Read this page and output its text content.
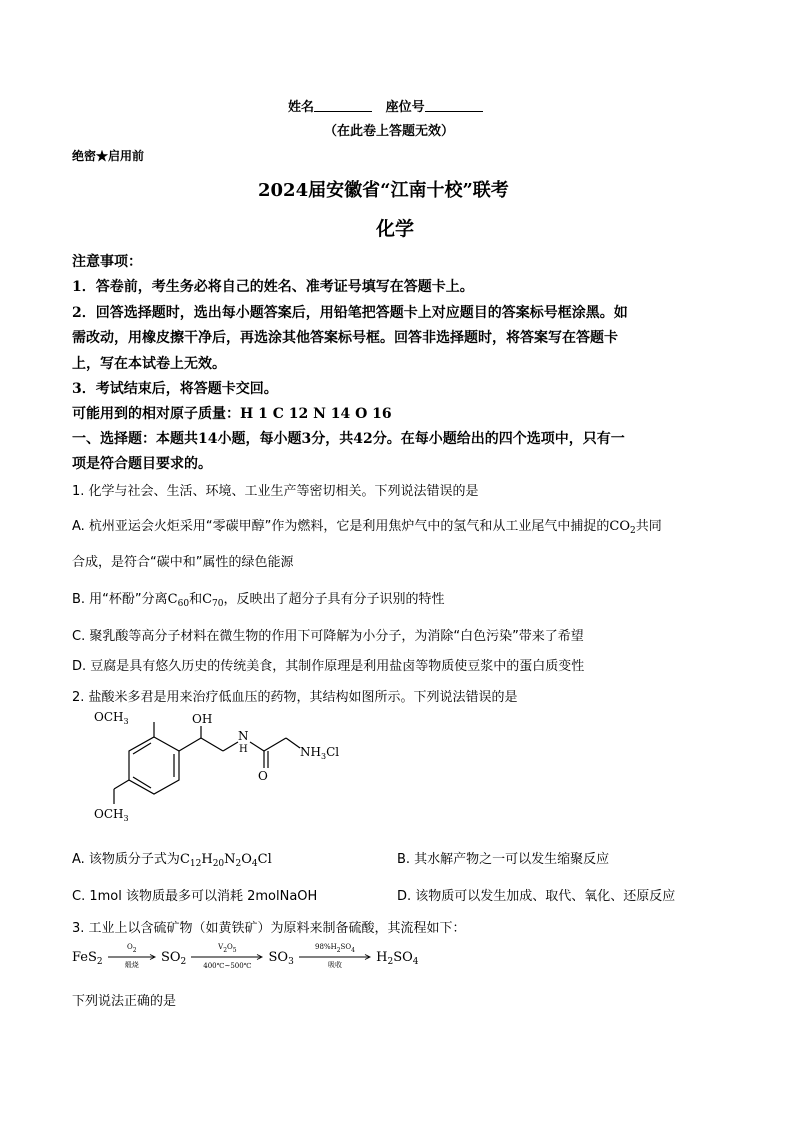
姓名	座位号
（在此卷上答题无效）
绝密★启用前
2024届安徽省“江南十校”联考
化学
注意事项：
1．答卷前，考生务必将自己的姓名、准考证号填写在答题卡上。
2．回答选择题时，选出每小题答案后，用铅笔把答题卡上对应题目的答案标号框涂黑。如
需改动，用橡皮擦干净后，再选涂其他答案标号框。回答非选择题时，将答案写在答题卡
上，写在本试卷上无效。
3．考试结束后，将答题卡交回。
可能用到的相对原子质量：H 1 C 12 N 14 O 16
一、选择题：本题共14小题，每小题3分，共42分。在每小题给出的四个选项中，只有一
项是符合题目要求的。
1. 化学与社会、生活、环境、工业生产等密切相关。下列说法错误的是
A. 杭州亚运会火炬采用“零碳甲醇”作为燃料，它是利用焦炉气中的氢气和从工业尾气中捕捉的$CO_2$共同
合成，是符合“碳中和”属性的绿色能源
B. 用“杯酚”分离$C_{60}$和$C_{70}$，反映出了超分子具有分子识别的特性
C. 聚乳酸等高分子材料在微生物的作用下可降解为小分子，为消除“白色污染”带来了希望
D. 豆腐是具有悠久历史的传统美食，其制作原理是利用盐卤等物质使豆浆中的蛋白质变性
2. 盐酸米多君是用来治疗低血压的药物，其结构如图所示。下列说法错误的是
$OCH_3$	OH
N
H
O
$NH_3Cl$
$OCH_3$
A. 该物质分子式为$C_{12}H_{20}N_2O_4Cl$	B. 其水解产物之一可以发生缩聚反应
C. 1mol 该物质最多可以消耗 2molNaOH	D. 该物质可以发生加成、取代、氧化、还原反应
3. 工业上以含硫矿物（如黄铁矿）为原料来制备硫酸，其流程如下：
FeS$_2$
$O_2$
煅烧
$SO_2$
$V_2O_5$
400℃~500℃
$SO_3$
$98\%H_2SO_4$
吸收
$H_2SO_4$
下列说法正确的是
